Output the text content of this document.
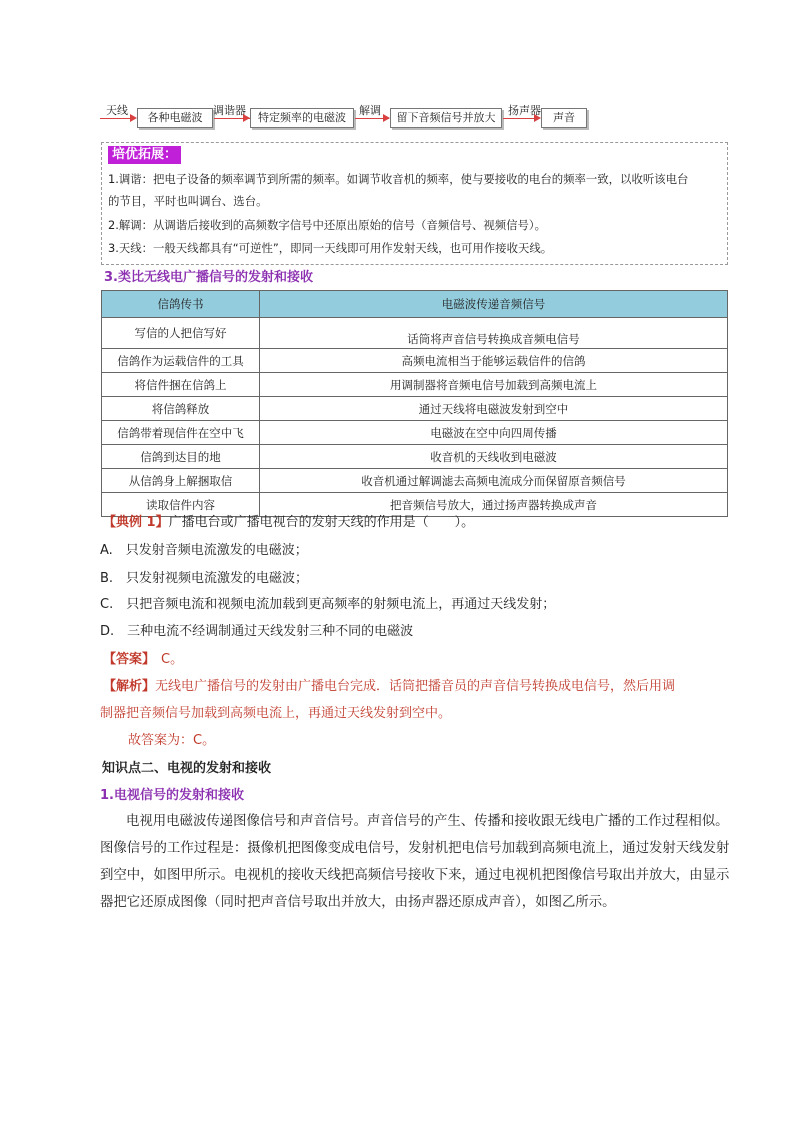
天线
各种电磁波
调谐器
特定频率的电磁波
解调
留下音频信号并放大
扬声器
声音
培优拓展：

1.调谐：把电子设备的频率调节到所需的频率。如调节收音机的频率，使与要接收的电台的频率一致，以收听该电台

的节目，平时也叫调台、选台。

2.解调：从调谐后接收到的高频数字信号中还原出原始的信号（音频信号、视频信号）。

3.天线：一般天线都具有“可逆性”，即同一天线即可用作发射天线，也可用作接收天线。

3.类比无线电广播信号的发射和接收
信鸽传书	电磁波传递音频信号
写信的人把信写好	话筒将声音信号转换成音频电信号
信鸽作为运载信件的工具	高频电流相当于能够运载信件的信鸽
将信件捆在信鸽上	用调制器将音频电信号加载到高频电流上
将信鸽释放	通过天线将电磁波发射到空中
信鸽带着现信件在空中飞	电磁波在空中向四周传播
信鸽到达目的地	收音机的天线收到电磁波
从信鸽身上解捆取信	收音机通过解调滤去高频电流成分而保留原音频信号
读取信件内容	把音频信号放大，通过扬声器转换成声音
【典例 1】广播电台或广播电视台的发射天线的作用是（　　）。
A.　只发射音频电流激发的电磁波；
B.　只发射视频电流激发的电磁波；
C.　只把音频电流和视频电流加载到更高频率的射频电流上，再通过天线发射；
D.　三种电流不经调制通过天线发射三种不同的电磁波
【答案】 C。
【解析】无线电广播信号的发射由广播电台完成．话筒把播音员的声音信号转换成电信号，然后用调
制器把音频信号加载到高频电流上，再通过天线发射到空中。
故答案为：C。
知识点二、电视的发射和接收
1.电视信号的发射和接收
电视用电磁波传递图像信号和声音信号。声音信号的产生、传播和接收跟无线电广播的工作过程相似。图像信号的工作过程是：摄像机把图像变成电信号，发射机把电信号加载到高频电流上，通过发射天线发射到空中，如图甲所示。电视机的接收天线把高频信号接收下来，通过电视机把图像信号取出并放大，由显示器把它还原成图像（同时把声音信号取出并放大，由扬声器还原成声音），如图乙所示。
